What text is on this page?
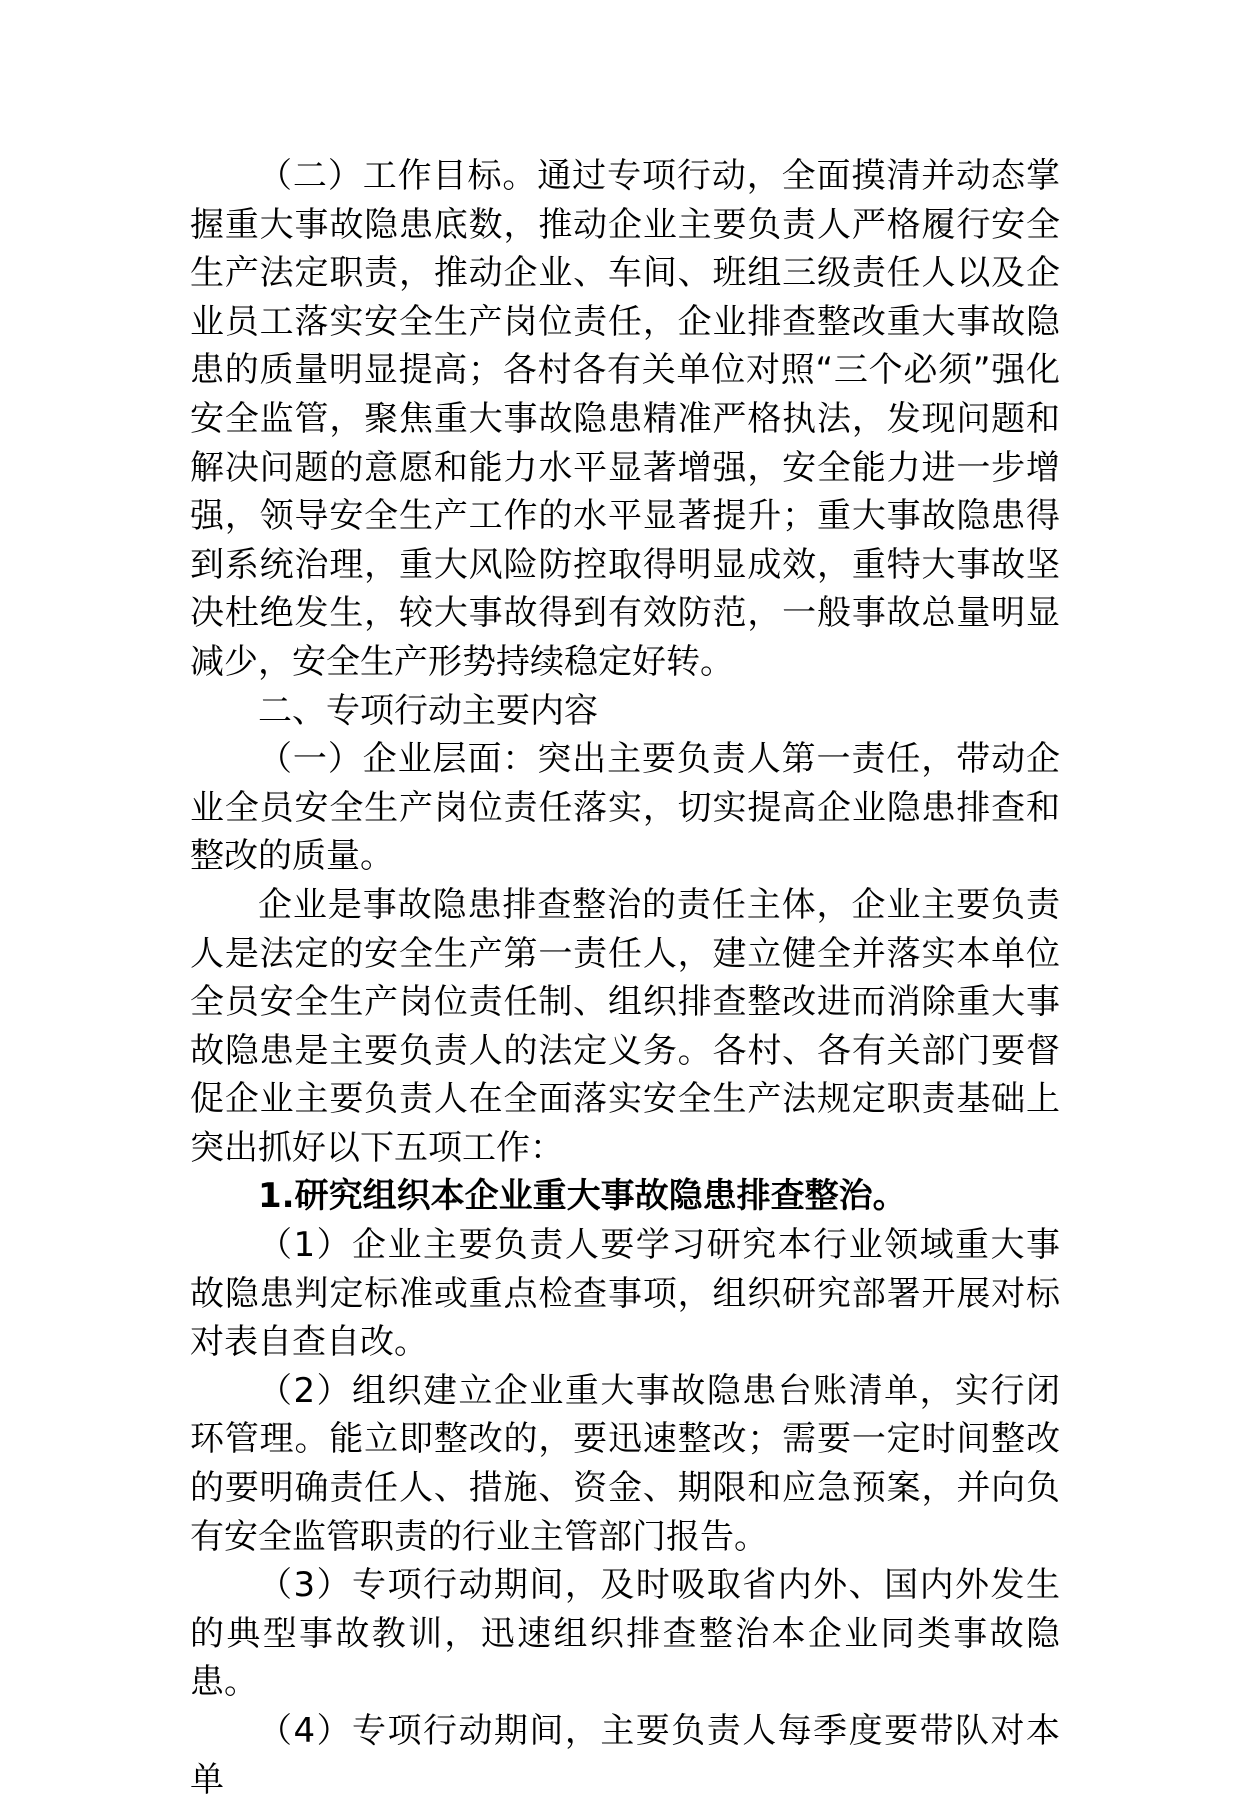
（二）工作目标。通过专项行动，全面摸清并动态掌握重大事故隐患底数，推动企业主要负责人严格履行安全生产法定职责，推动企业、车间、班组三级责任人以及企业员工落实安全生产岗位责任，企业排查整改重大事故隐患的质量明显提高；各村各有关单位对照“三个必须”强化安全监管，聚焦重大事故隐患精准严格执法，发现问题和解决问题的意愿和能力水平显著增强，安全能力进一步增强，领导安全生产工作的水平显著提升；重大事故隐患得到系统治理，重大风险防控取得明显成效，重特大事故坚决杜绝发生，较大事故得到有效防范，一般事故总量明显减少，安全生产形势持续稳定好转。

二、专项行动主要内容

（一）企业层面：突出主要负责人第一责任，带动企业全员安全生产岗位责任落实，切实提高企业隐患排查和整改的质量。

企业是事故隐患排查整治的责任主体，企业主要负责人是法定的安全生产第一责任人，建立健全并落实本单位全员安全生产岗位责任制、组织排查整改进而消除重大事故隐患是主要负责人的法定义务。各村、各有关部门要督促企业主要负责人在全面落实安全生产法规定职责基础上突出抓好以下五项工作：

1.研究组织本企业重大事故隐患排查整治。

（1）企业主要负责人要学习研究本行业领域重大事故隐患判定标准或重点检查事项，组织研究部署开展对标对表自查自改。

（2）组织建立企业重大事故隐患台账清单，实行闭环管理。能立即整改的，要迅速整改；需要一定时间整改的要明确责任人、措施、资金、期限和应急预案，并向负有安全监管职责的行业主管部门报告。

（3）专项行动期间，及时吸取省内外、国内外发生的典型事故教训，迅速组织排查整治本企业同类事故隐患。

（4）专项行动期间，主要负责人每季度要带队对本单
